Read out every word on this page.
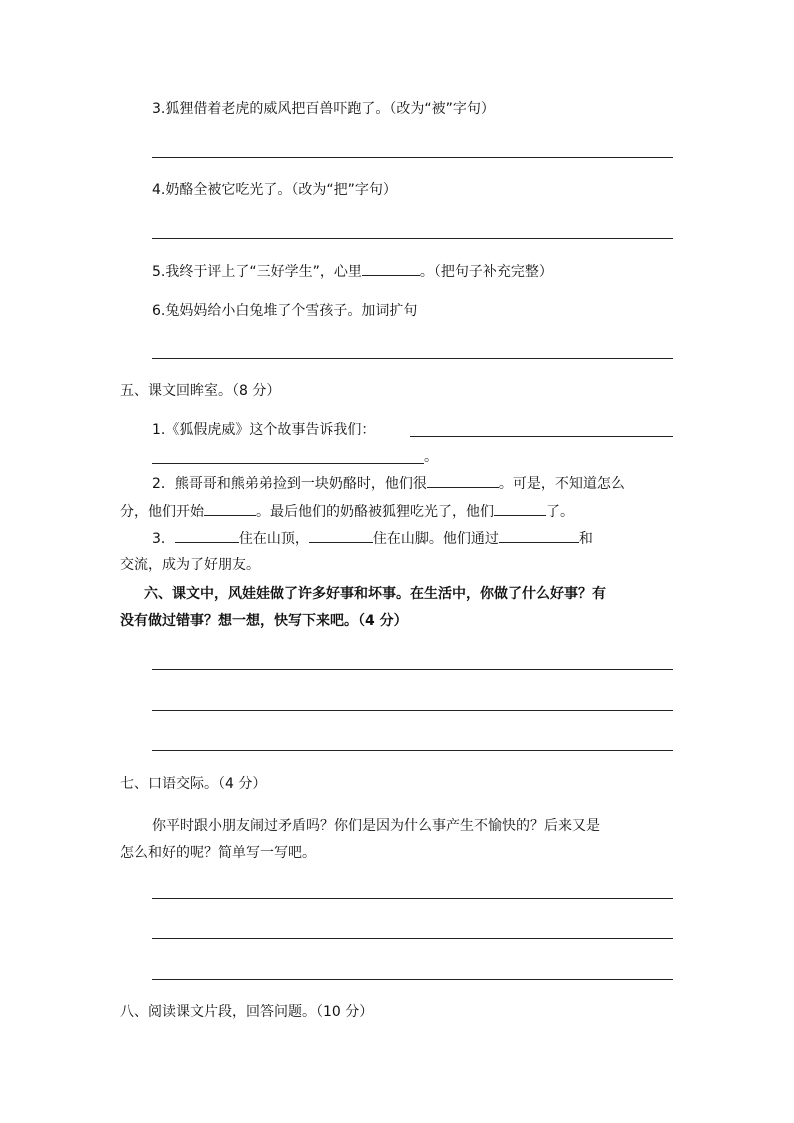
3.狐狸借着老虎的威风把百兽吓跑了。（改为“被”字句）
4.奶酪全被它吃光了。（改为“把”字句）
5.我终于评上了“三好学生”，心里	。（把句子补充完整）
6.兔妈妈给小白兔堆了个雪孩子。加词扩句
五、课文回眸室。（8 分）
1.《狐假虎威》这个故事告诉我们：
。
2．熊哥哥和熊弟弟捡到一块奶酪时，他们很	。可是，不知道怎么
分，他们开始	。最后他们的奶酪被狐狸吃光了，他们	了。
3．	住在山顶，	住在山脚。他们通过	和
交流，成为了好朋友。
六、课文中，风娃娃做了许多好事和坏事。在生活中，你做了什么好事？有
没有做过错事？想一想，快写下来吧。（4 分）
七、口语交际。（4 分）
你平时跟小朋友闹过矛盾吗？你们是因为什么事产生不愉快的？后来又是
怎么和好的呢？简单写一写吧。
八、阅读课文片段，回答问题。（10 分）
